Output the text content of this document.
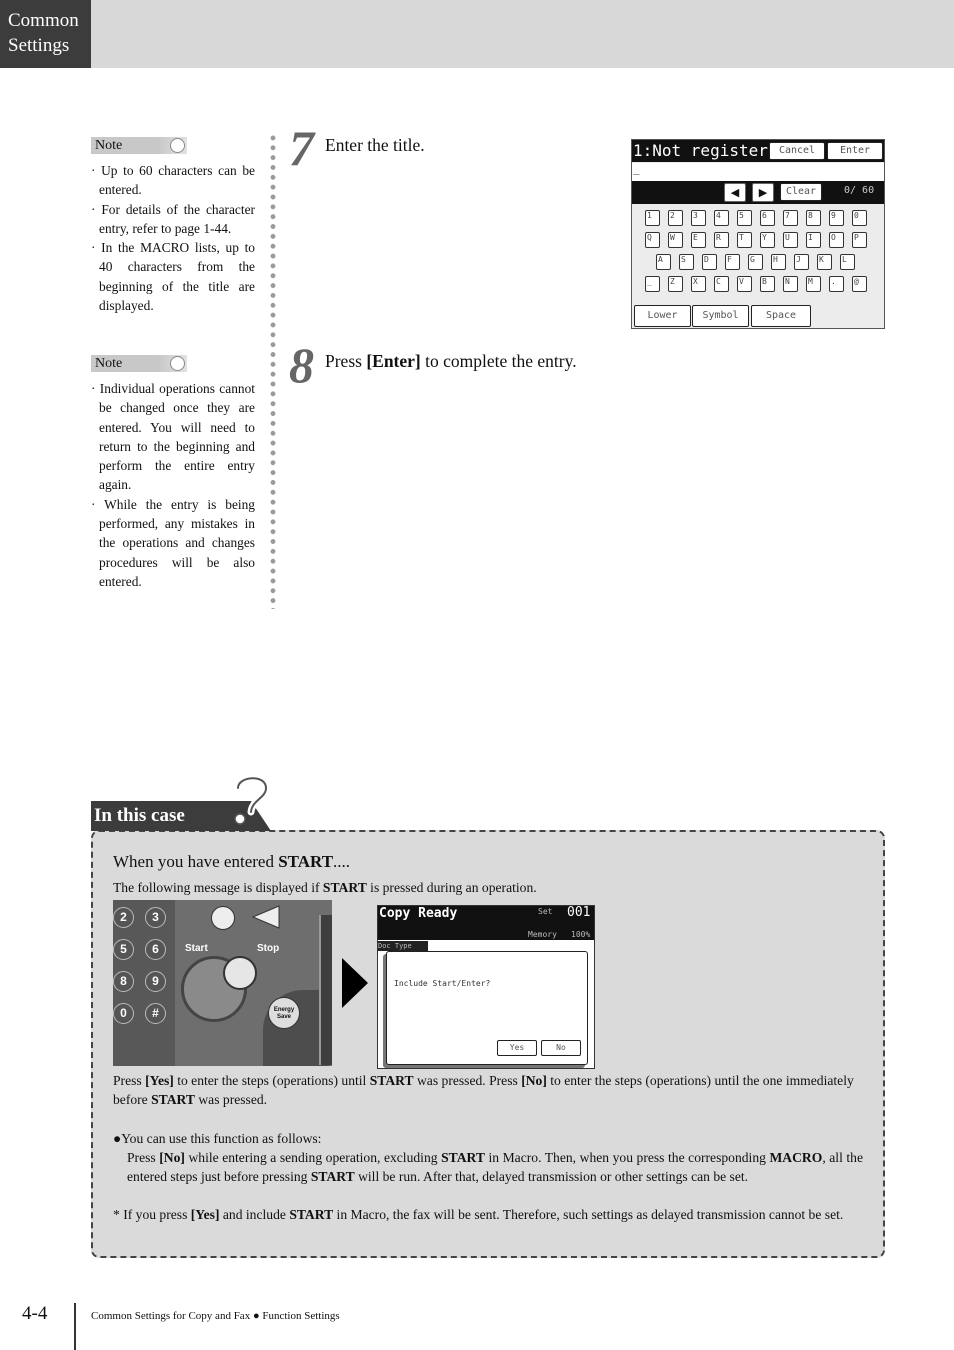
Common
Settings
Note
· Up to 60 characters can be entered.
· For details of the character entry, refer to page 1-44.
· In the MACRO lists, up to 40 characters from the beginning of the title are displayed.
Note
· Individual operations cannot be changed once they are entered. You will need to return to the beginning and perform the entire entry again.
· While the entry is being performed, any mistakes in the operations and changes procedures will be also entered.
7 Enter the title.
8 Press [Enter] to complete the entry.
1:Not register	Cancel	Enter
_
◀	▶	Clear	0/ 60
1	2	3	4	5	6	7	8	9	0
Q	W	E	R	T	Y	U	I	O	P
A	S	D	F	G	H	J	K	L
_	Z	X	C	V	B	N	M	.	@
Lower	Symbol	Space
In this case
When you have entered START....
The following message is displayed if START is pressed during an operation.
2	3
5	6
8	9
0	#
Start	Stop
Energy Save
Copy Ready	Set 001
Memory 100%
Doc Type
Include Start/Enter?
Yes	No
Press [Yes] to enter the steps (operations) until START was pressed. Press [No] to enter the steps (operations) until the one immediately before START was pressed.
●You can use this function as follows:
Press [No] while entering a sending operation, excluding START in Macro. Then, when you press the corresponding MACRO, all the entered steps just before pressing START will be run. After that, delayed transmission or other settings can be set.
* If you press [Yes] and include START in Macro, the fax will be sent. Therefore, such settings as delayed transmission cannot be set.
4-4	Common Settings for Copy and Fax ● Function Settings
